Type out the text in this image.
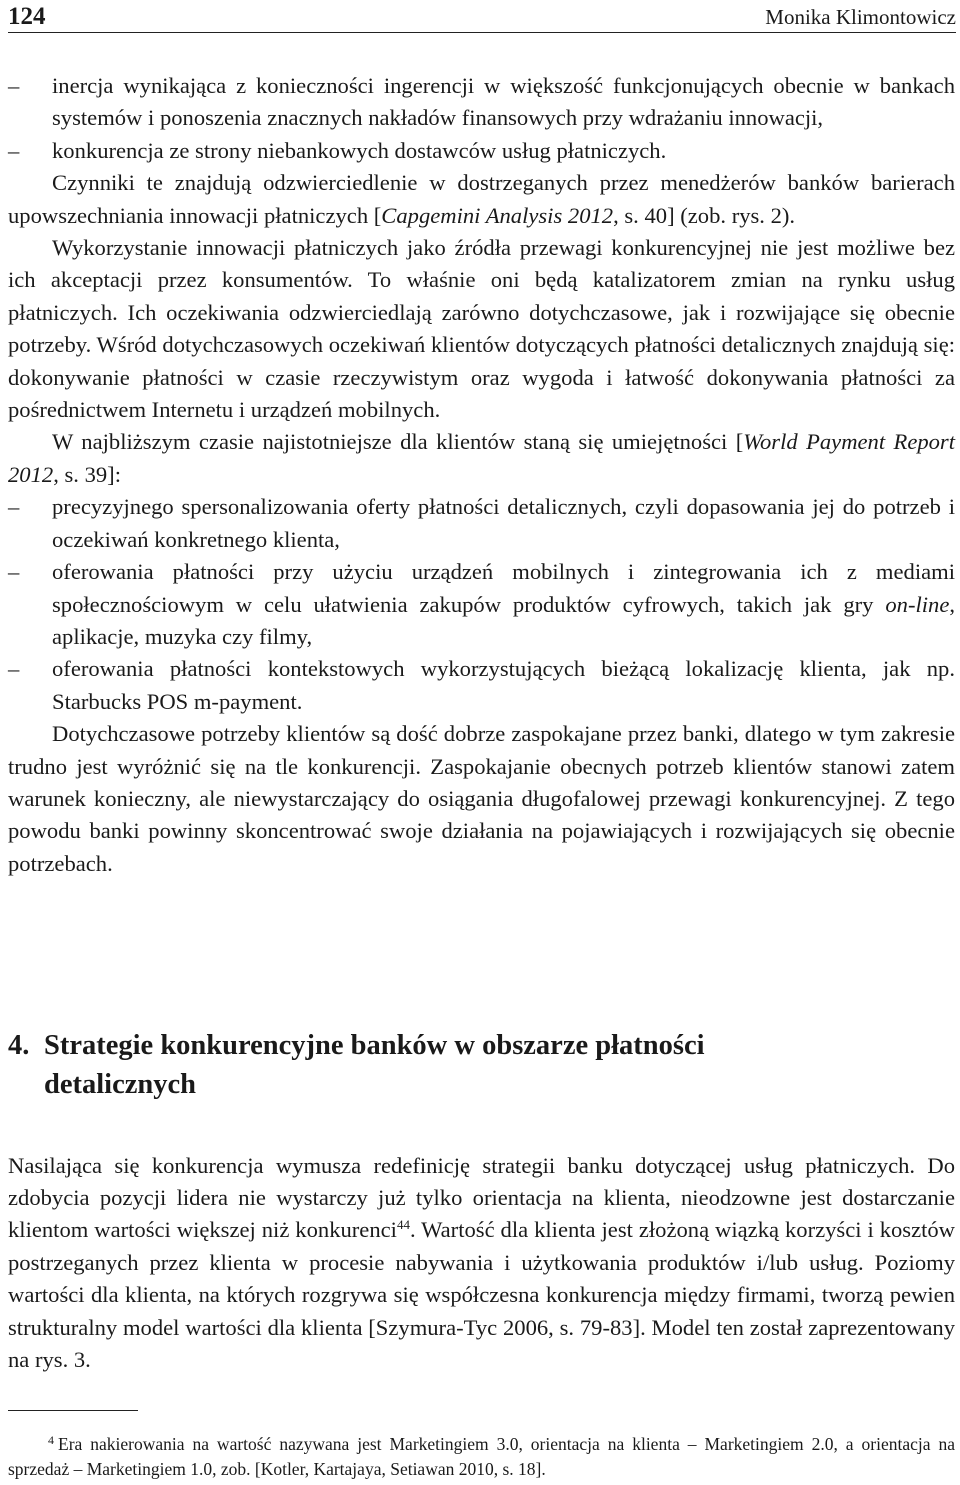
124	Monika Klimontowicz

– inercja wynikająca z konieczności ingerencji w większość funkcjonujących obecnie w bankach systemów i ponoszenia znacznych nakładów finansowych przy wdrażaniu innowacji,

– konkurencja ze strony niebankowych dostawców usług płatniczych.

Czynniki te znajdują odzwierciedlenie w dostrzeganych przez menedżerów banków barierach upowszechniania innowacji płatniczych [Capgemini Analysis 2012, s. 40] (zob. rys. 2).

Wykorzystanie innowacji płatniczych jako źródła przewagi konkurencyjnej nie jest możliwe bez ich akceptacji przez konsumentów. To właśnie oni będą katalizatorem zmian na rynku usług płatniczych. Ich oczekiwania odzwierciedlają zarówno dotychczasowe, jak i rozwijające się obecnie potrzeby. Wśród dotychczasowych oczekiwań klientów dotyczących płatności detalicznych znajdują się: dokonywanie płatności w czasie rzeczywistym oraz wygoda i łatwość dokonywania płatności za pośrednictwem Internetu i urządzeń mobilnych.

W najbliższym czasie najistotniejsze dla klientów staną się umiejętności [World Payment Report 2012, s. 39]:

– precyzyjnego spersonalizowania oferty płatności detalicznych, czyli dopasowania jej do potrzeb i oczekiwań konkretnego klienta,

– oferowania płatności przy użyciu urządzeń mobilnych i zintegrowania ich z mediami społecznościowym w celu ułatwienia zakupów produktów cyfrowych, takich jak gry on-line, aplikacje, muzyka czy filmy,

– oferowania płatności kontekstowych wykorzystujących bieżącą lokalizację klienta, jak np. Starbucks POS m-payment.

Dotychczasowe potrzeby klientów są dość dobrze zaspokajane przez banki, dlatego w tym zakresie trudno jest wyróżnić się na tle konkurencji. Zaspokajanie obecnych potrzeb klientów stanowi zatem warunek konieczny, ale niewystarczający do osiągania długofalowej przewagi konkurencyjnej. Z tego powodu banki powinny skoncentrować swoje działania na pojawiających i rozwijających się obecnie potrzebach.

4. Strategie konkurencyjne banków w obszarze płatności
detalicznych

Nasilająca się konkurencja wymusza redefinicję strategii banku dotyczącej usług płatniczych. Do zdobycia pozycji lidera nie wystarczy już tylko orientacja na klienta, nieodzowne jest dostarczanie klientom wartości większej niż konkurenci$^{44}$. Wartość dla klienta jest złożoną wiązką korzyści i kosztów postrzeganych przez klienta w procesie nabywania i użytkowania produktów i/lub usług. Poziomy wartości dla klienta, na których rozgrywa się współczesna konkurencja między firmami, tworzą pewien strukturalny model wartości dla klienta [Szymura-Tyc 2006, s. 79-83]. Model ten został zaprezentowany na rys. 3.

$^4$ Era nakierowania na wartość nazywana jest Marketingiem 3.0, orientacja na klienta – Marketingiem 2.0, a orientacja na sprzedaż – Marketingiem 1.0, zob. [Kotler, Kartajaya, Setiawan 2010, s. 18].
